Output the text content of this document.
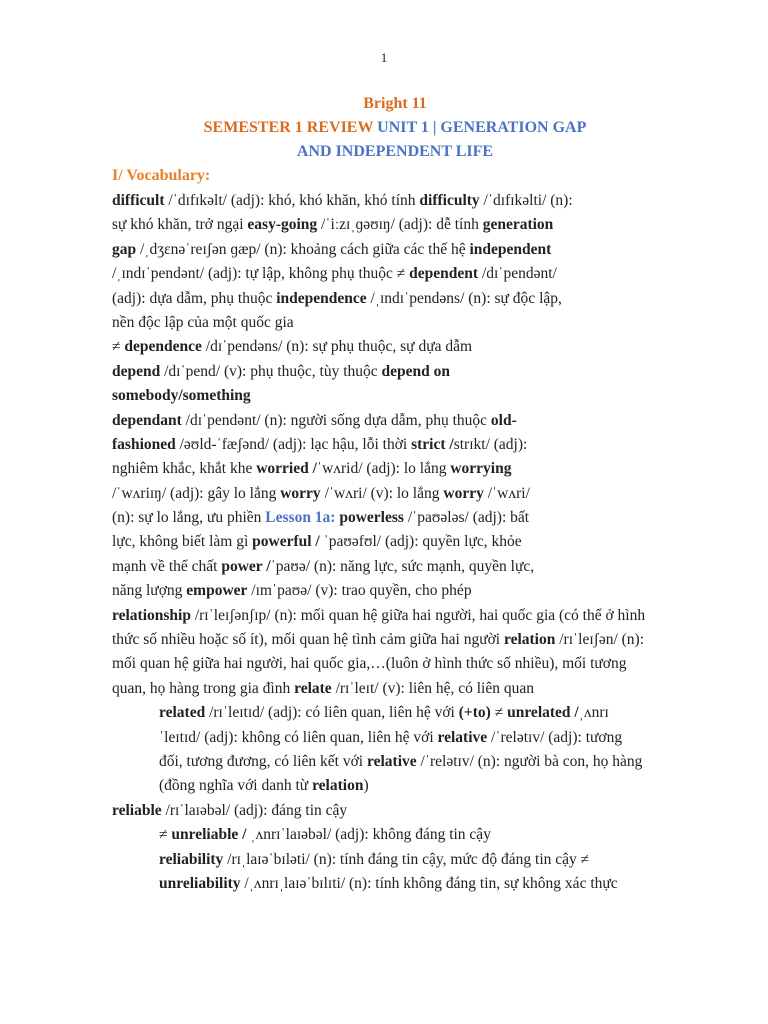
1
Bright 11
SEMESTER 1 REVIEW UNIT 1 | GENERATION GAP
AND INDEPENDENT LIFE
I/ Vocabulary:
difficult /ˈdɪfɪkəlt/ (adj): khó, khó khăn, khó tính difficulty /ˈdɪfɪkəlti/ (n):
sự khó khăn, trở ngại easy-going /ˈiːzɪˌɡəʊɪŋ/ (adj): dễ tính generation
gap /ˌdʒɛnəˈreɪʃən ɡæp/ (n): khoảng cách giữa các thế hệ independent
/ˌɪndɪˈpendənt/ (adj): tự lập, không phụ thuộc ≠ dependent /dɪˈpendənt/
(adj): dựa dẫm, phụ thuộc independence /ˌɪndɪˈpendəns/ (n): sự độc lập,
nền độc lập của một quốc gia
≠ dependence /dɪˈpendəns/ (n): sự phụ thuộc, sự dựa dẫm
depend /dɪˈpend/ (v): phụ thuộc, tùy thuộc depend on
somebody/something
dependant /dɪˈpendənt/ (n): người sống dựa dẫm, phụ thuộc old-
fashioned /əʊld-ˈfæʃənd/ (adj): lạc hậu, lỗi thời strict /strɪkt/ (adj):
nghiêm khắc, khắt khe worried /ˈwʌrid/ (adj): lo lắng worrying
/ˈwʌriɪŋ/ (adj): gây lo lắng worry /ˈwʌri/ (v): lo lắng worry /ˈwʌri/
(n): sự lo lắng, ưu phiền Lesson 1a: powerless /ˈpaʊələs/ (adj): bất
lực, không biết làm gì powerful / ˈpaʊəfʊl/ (adj): quyền lực, khỏe
mạnh về thể chất power /ˈpaʊə/ (n): năng lực, sức mạnh, quyền lực,
năng lượng empower /ɪmˈpaʊə/ (v): trao quyền, cho phép
relationship /rɪˈleɪʃənʃɪp/ (n): mối quan hệ giữa hai người, hai quốc gia (có thể ở hình
thức số nhiều hoặc số ít), mối quan hệ tình cảm giữa hai người relation /rɪˈleɪʃən/ (n):
mối quan hệ giữa hai người, hai quốc gia,…(luôn ở hình thức số nhiều), mối tương
quan, họ hàng trong gia đình relate /rɪˈleɪt/ (v): liên hệ, có liên quan
related /rɪˈleɪtɪd/ (adj): có liên quan, liên hệ với (+to) ≠ unrelated /ˌʌnrɪ
ˈleɪtɪd/ (adj): không có liên quan, liên hệ với relative /ˈrelətɪv/ (adj): tương
đối, tương đương, có liên kết với relative /ˈrelətɪv/ (n): người bà con, họ hàng
(đồng nghĩa với danh từ relation)
reliable /rɪˈlaɪəbəl/ (adj): đáng tin cậy
≠ unreliable / ˌʌnrɪˈlaɪəbəl/ (adj): không đáng tin cậy
reliability /rɪˌlaɪəˈbɪləti/ (n): tính đáng tin cậy, mức độ đáng tin cậy ≠
unreliability /ˌʌnrɪˌlaɪəˈbɪlɪti/ (n): tính không đáng tin, sự không xác thực
